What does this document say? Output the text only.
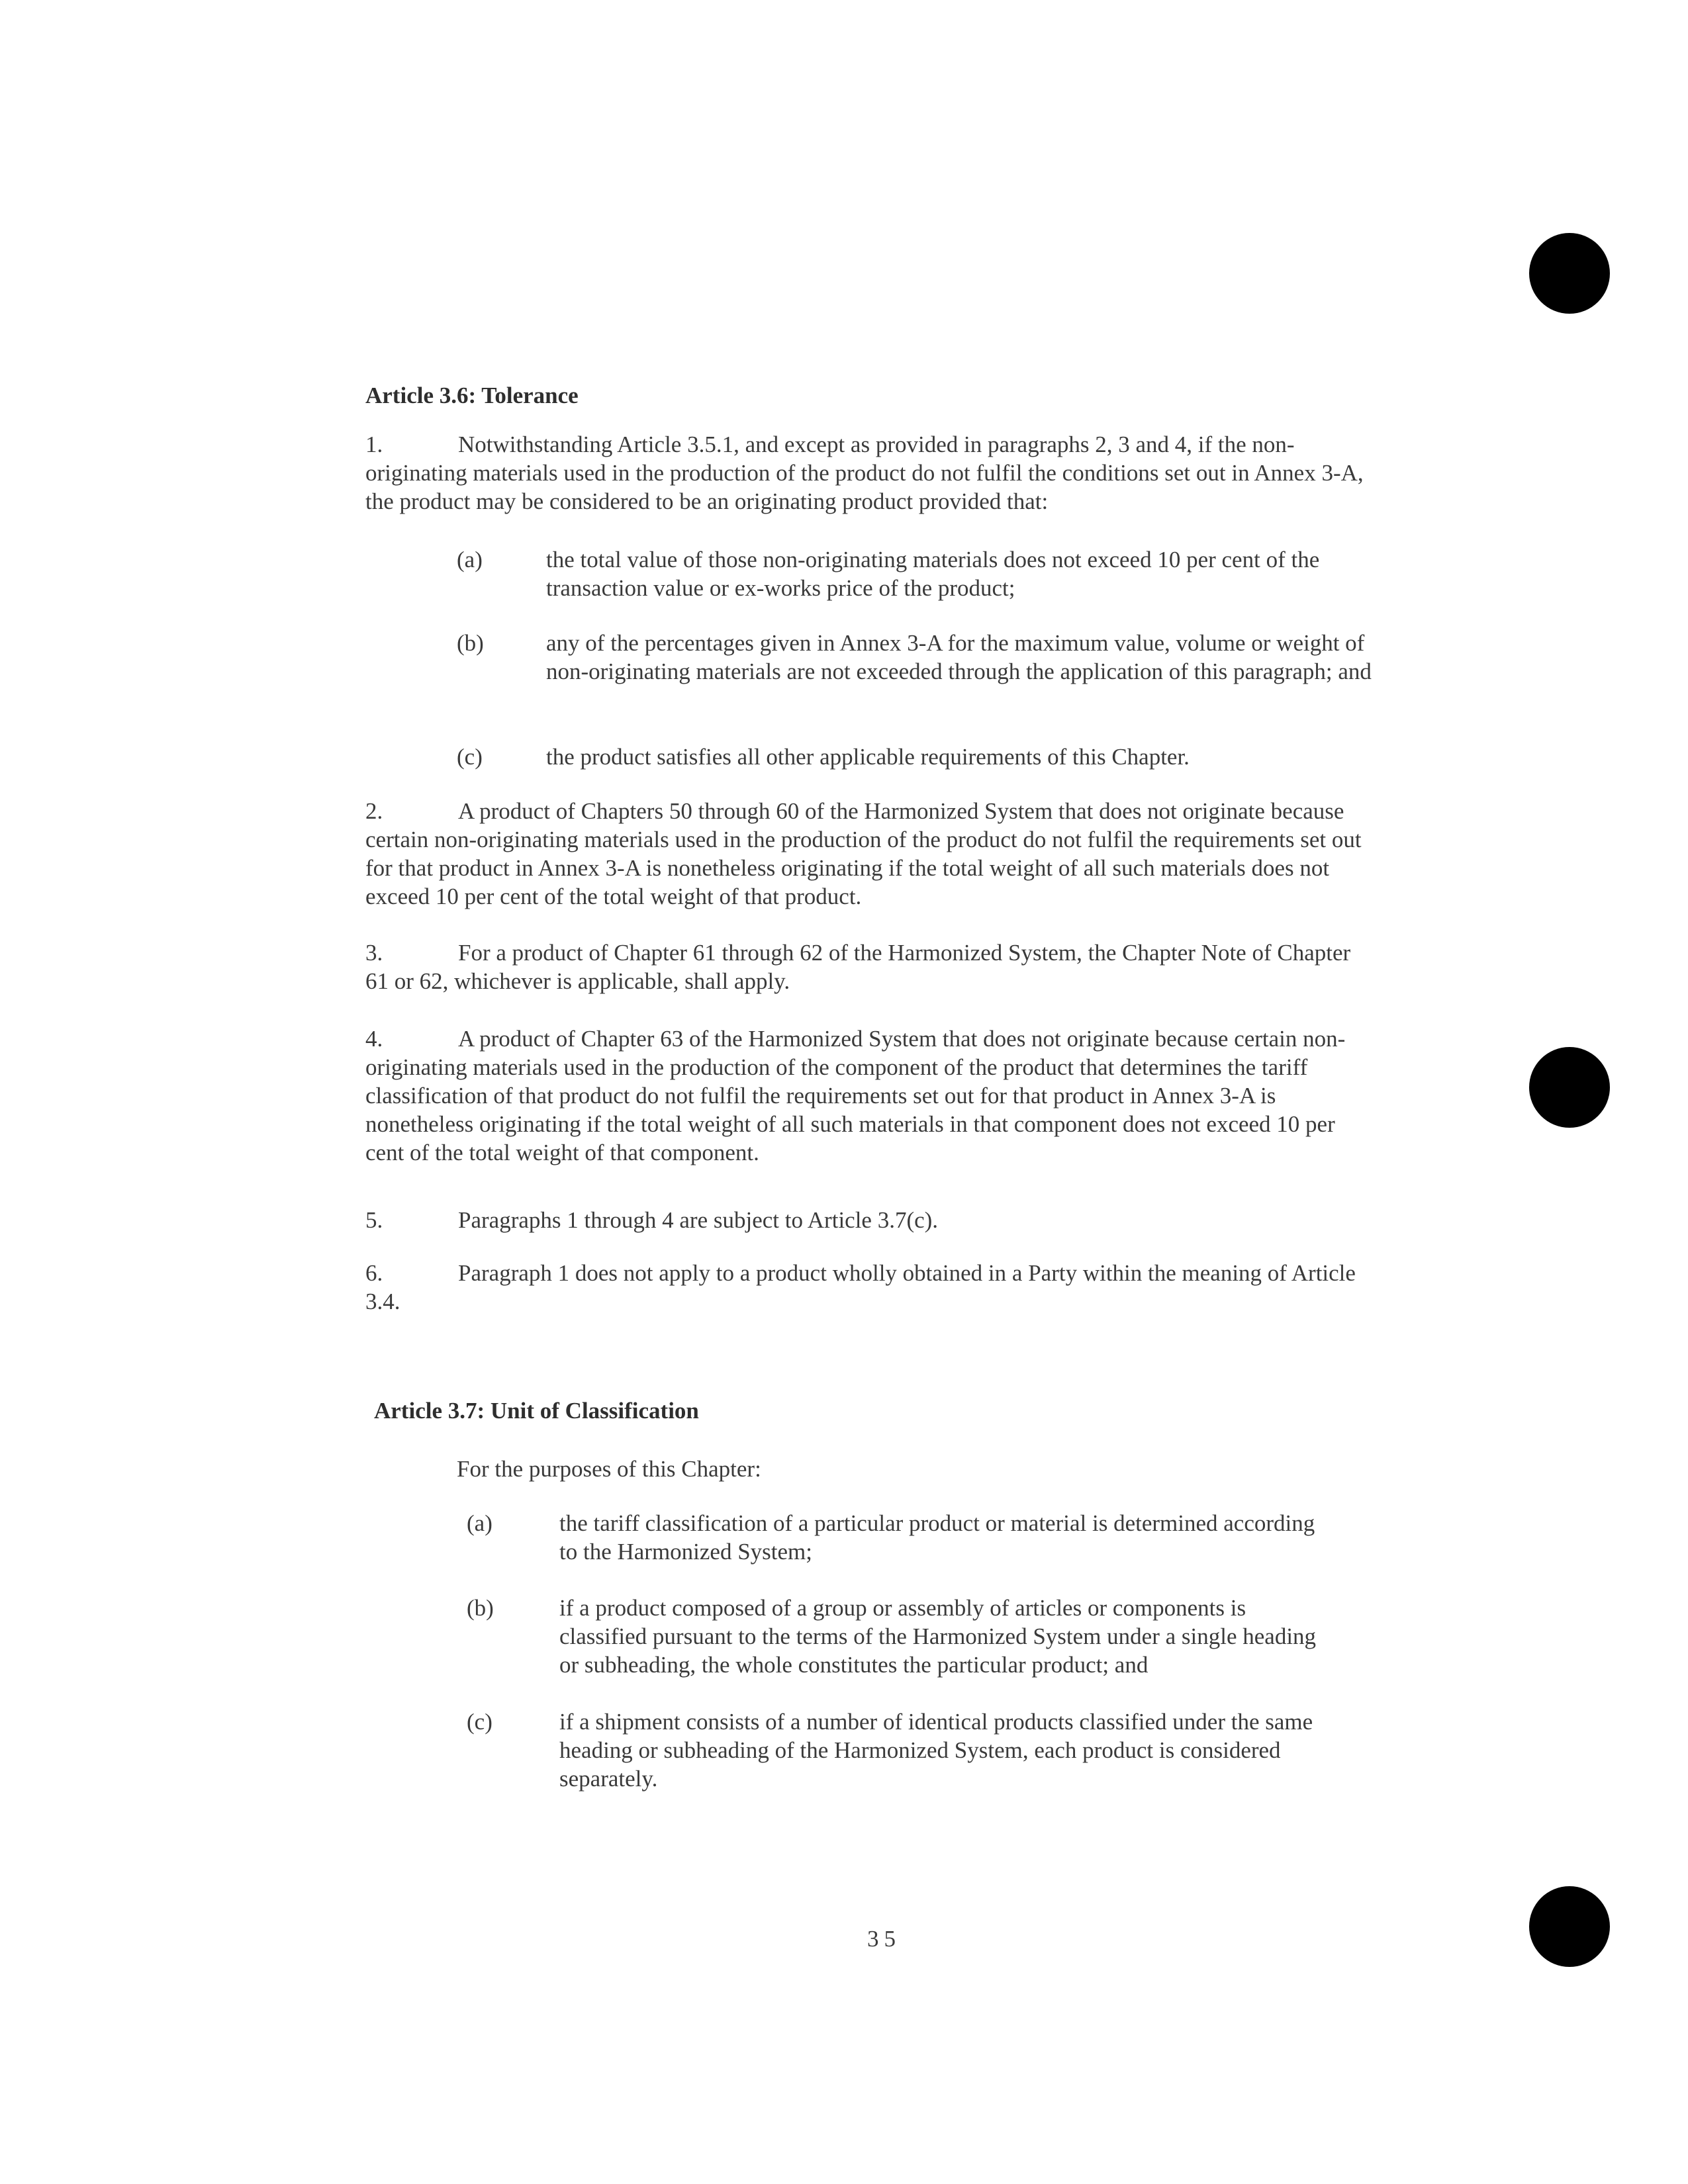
Article 3.6: Tolerance
1.	Notwithstanding Article 3.5.1, and except as provided in paragraphs 2, 3 and 4, if the non-originating materials used in the production of the product do not fulfil the conditions set out in Annex 3-A, the product may be considered to be an originating product provided that:
(a)	the total value of those non-originating materials does not exceed 10 per cent of the transaction value or ex-works price of the product;
(b)	any of the percentages given in Annex 3-A for the maximum value, volume or weight of non-originating materials are not exceeded through the application of this paragraph; and
(c)	the product satisfies all other applicable requirements of this Chapter.
2.	A product of Chapters 50 through 60 of the Harmonized System that does not originate because certain non-originating materials used in the production of the product do not fulfil the requirements set out for that product in Annex 3-A is nonetheless originating if the total weight of all such materials does not exceed 10 per cent of the total weight of that product.
3.	For a product of Chapter 61 through 62 of the Harmonized System, the Chapter Note of Chapter 61 or 62, whichever is applicable, shall apply.
4.	A product of Chapter 63 of the Harmonized System that does not originate because certain non-originating materials used in the production of the component of the product that determines the tariff classification of that product do not fulfil the requirements set out for that product in Annex 3-A is nonetheless originating if the total weight of all such materials in that component does not exceed 10 per cent of the total weight of that component.
5.	Paragraphs 1 through 4 are subject to Article 3.7(c).
6.	Paragraph 1 does not apply to a product wholly obtained in a Party within the meaning of Article 3.4.
Article 3.7: Unit of Classification
For the purposes of this Chapter:
(a)	the tariff classification of a particular product or material is determined according to the Harmonized System;
(b)	if a product composed of a group or assembly of articles or components is classified pursuant to the terms of the Harmonized System under a single heading or subheading, the whole constitutes the particular product; and
(c)	if a shipment consists of a number of identical products classified under the same heading or subheading of the Harmonized System, each product is considered separately.
35
